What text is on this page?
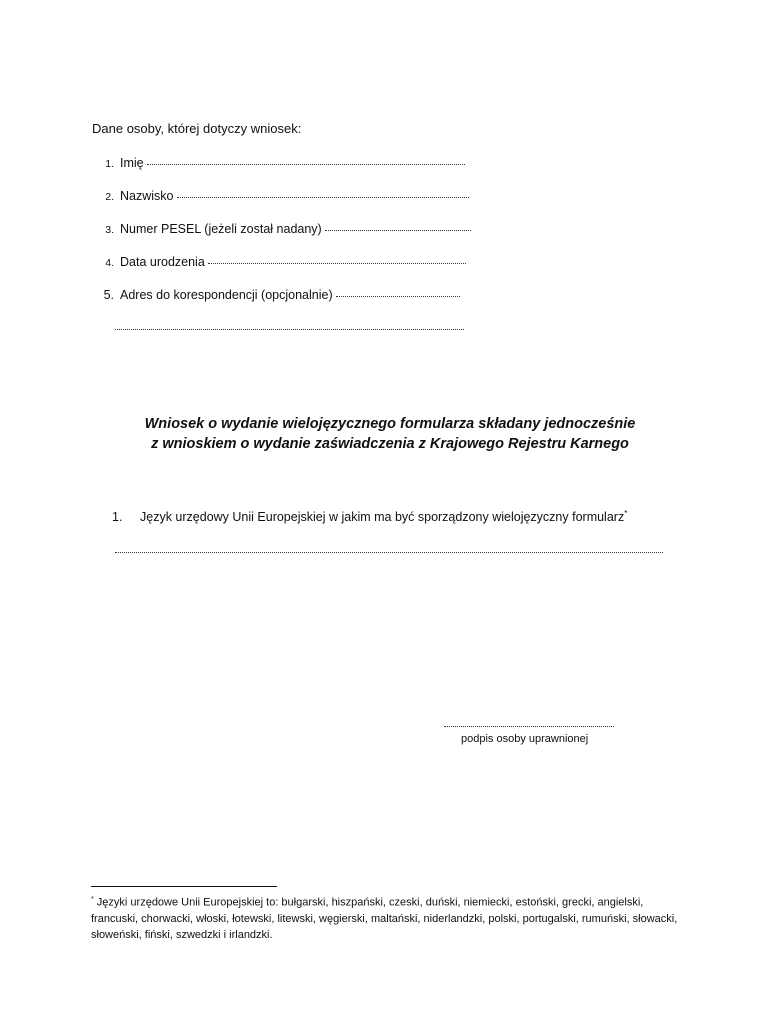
Dane osoby, której dotyczy wniosek:
1. Imię
2. Nazwisko
3. Numer PESEL (jeżeli został nadany)
4. Data urodzenia
5. Adres do korespondencji (opcjonalnie)
Wniosek o wydanie wielojęzycznego formularza składany jednocześnie
z wnioskiem o wydanie zaświadczenia z Krajowego Rejestru Karnego
1. Język urzędowy Unii Europejskiej w jakim ma być sporządzony wielojęzyczny formularz*
podpis osoby uprawnionej
* Języki urzędowe Unii Europejskiej to: bułgarski, hiszpański, czeski, duński, niemiecki, estoński, grecki, angielski, francuski, chorwacki, włoski, łotewski, litewski, węgierski, maltański, niderlandzki, polski, portugalski, rumuński, słowacki, słoweński, fiński, szwedzki i irlandzki.
